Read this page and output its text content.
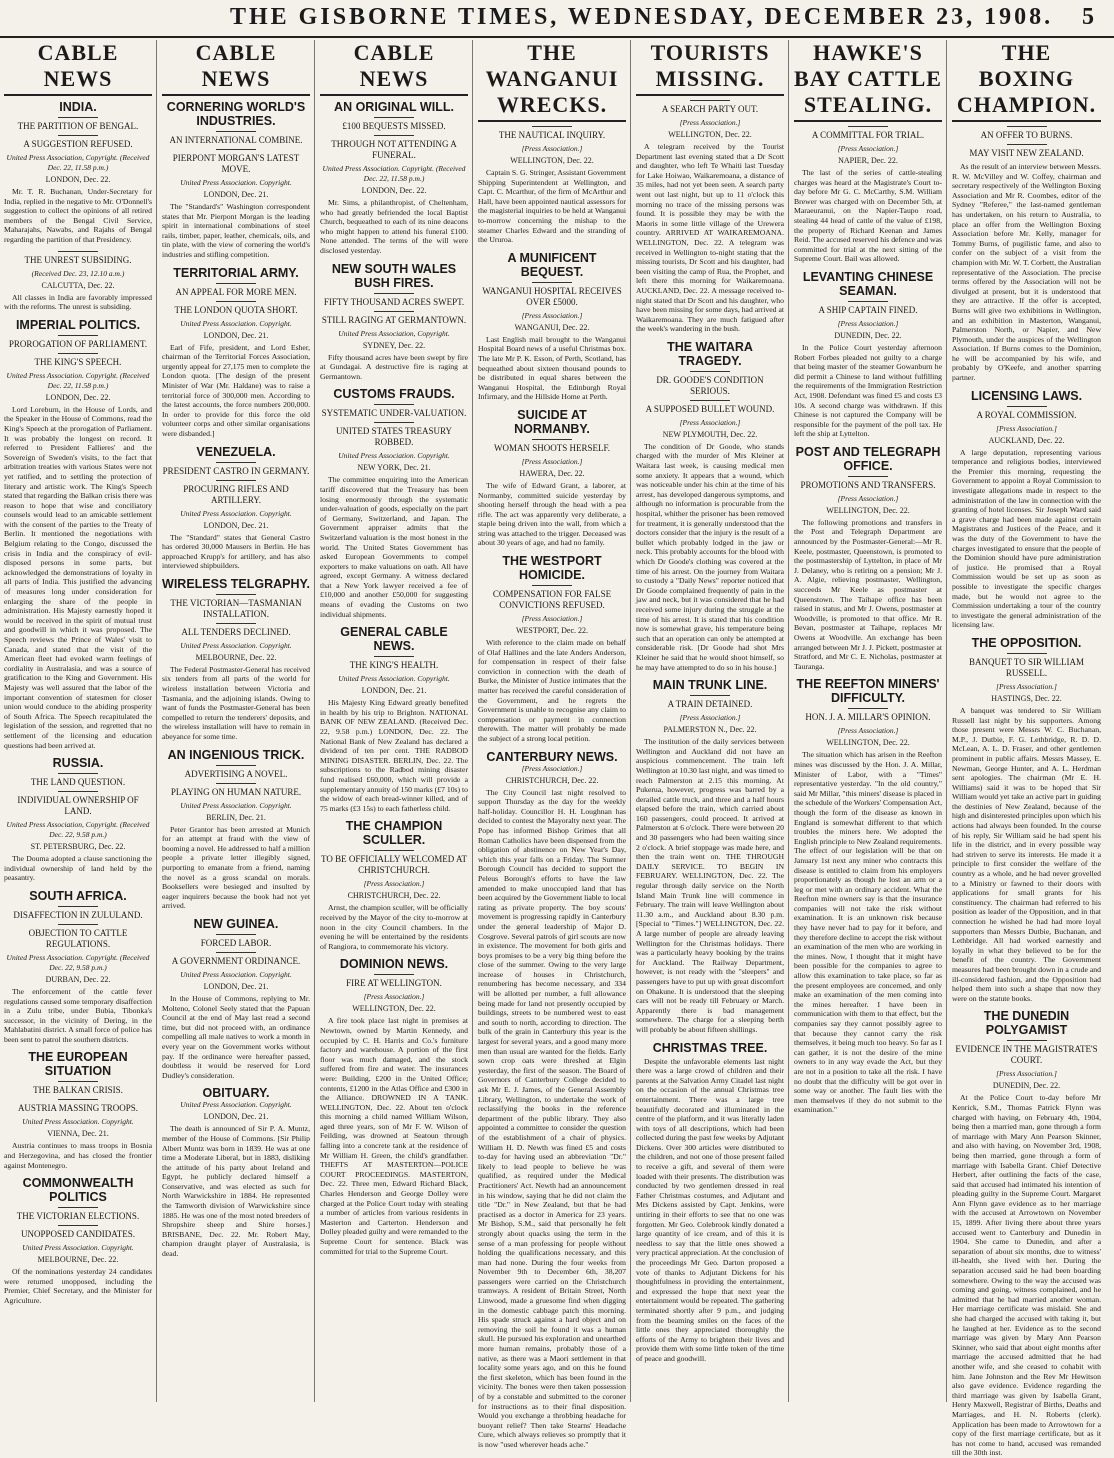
THE GISBORNE TIMES, WEDNESDAY, DECEMBER 23, 1908. 5
CABLE NEWS
INDIA.
THE PARTITION OF BENGAL.
A SUGGESTION REFUSED.
United Press Association, Copyright. (Received Dec. 22, 11.58 p.m.)
LONDON, Dec. 22.
Mr. T. R. Buchanan, Under-Secretary for India, replied in the negative to Mr. O'Donnell's suggestion to collect the opinions of all retired members of the Bengal Civil Service, Maharajahs, Nawabs, and Rajahs of Bengal regarding the partition of that Presidency.
THE UNREST SUBSIDING.
(Received Dec. 23, 12.10 a.m.)
CALCUTTA, Dec. 22.
All classes in India are favorably impressed with the reforms. The unrest is subsiding.
IMPERIAL POLITICS.
PROROGATION OF PARLIAMENT.
THE KING'S SPEECH.
United Press Association. Copyright. (Received Dec. 22, 11.58 p.m.)
LONDON, Dec. 22.
Lord Loreburn, in the House of Lords, and the Speaker in the House of Commons, read the King's Speech at the prorogation of Parliament. It was probably the longest on record. It referred to President Fallieres' and the Sovereign of Sweden's visits, to the fact that arbitration treaties with various States were not yet ratified, and to settling the protection of literary and artistic work. The King's Speech stated that regarding the Balkan crisis there was reason to hope that wise and conciliatory counsels would lead to an amicable settlement with the consent of the parties to the Treaty of Berlin. It mentioned the negotiations with Belgium relating to the Congo, discussed the crisis in India and the conspiracy of evil-disposed persons in some parts, but acknowledged the demonstrations of loyalty in all parts of India. This justified the advancing of measures long under consideration for enlarging the share of the people in administration. His Majesty earnestly hoped it would be received in the spirit of mutual trust and goodwill in which it was proposed. The Speech reviews the Prince of Wales' visit to Canada, and stated that the visit of the American fleet had evoked warm feelings of cordiality in Australasia, and was a source of gratification to the King and Government. His Majesty was well assured that the labor of the important convention of statesmen for closer union would conduce to the abiding prosperity of South Africa. The Speech recapitulated the legislation of the session, and regretted that no settlement of the licensing and education questions had been arrived at.
RUSSIA.
THE LAND QUESTION.
INDIVIDUAL OWNERSHIP OF LAND.
United Press Association, Copyright. (Received Dec. 22, 9.58 p.m.)
ST. PETERSBURG, Dec. 22.
The Douma adopted a clause sanctioning the individual ownership of land held by the peasantry.
SOUTH AFRICA.
DISAFFECTION IN ZULULAND.
OBJECTION TO CATTLE REGULATIONS.
United Press Association. Copyright. (Received Dec. 22, 9.58 p.m.)
DURBAN, Dec. 22.
The enforcement of the cattle fever regulations caused some temporary disaffection in a Zulu tribe, under Bubia, Tibonka's successor, in the vicinity of Dering, in the Mahlabatini district. A small force of police has been sent to patrol the southern districts.
THE EUROPEAN SITUATION
THE BALKAN CRISIS.
AUSTRIA MASSING TROOPS.
United Press Association. Copyright.
VIENNA, Dec. 21.
Austria continues to mass troops in Bosnia and Herzegovina, and has closed the frontier against Montenegro.
COMMONWEALTH POLITICS
THE VICTORIAN ELECTIONS.
UNOPPOSED CANDIDATES.
United Press Association. Copyright.
MELBOURNE, Dec. 22.
Of the nominations yesterday 24 candidates were returned unopposed, including the Premier, Chief Secretary, and the Minister for Agriculture.
CABLE NEWS
CORNERING WORLD'S INDUSTRIES.
AN INTERNATIONAL COMBINE.
PIERPONT MORGAN'S LATEST MOVE.
United Press Association. Copyright.
LONDON, Dec. 21.
The "Standard's" Washington correspondent states that Mr. Pierpont Morgan is the leading spirit in international combinations of steel rails, timber, paper, leather, chemicals, oils, and tin plate, with the view of cornering the world's industries and stifling competition.
TERRITORIAL ARMY.
AN APPEAL FOR MORE MEN.
THE LONDON QUOTA SHORT.
United Press Association. Copyright.
LONDON, Dec. 21.
Earl of Fife, president, and Lord Esher, chairman of the Territorial Forces Association, urgently appeal for 27,175 men to complete the London quota. [The design of the present Minister of War (Mr. Haldane) was to raise a territorial force of 300,000 men. According to the latest accounts, the force numbers 200,000. In order to provide for this force the old volunteer corps and other similar organisations were disbanded.]
VENEZUELA.
PRESIDENT CASTRO IN GERMANY.
PROCURING RIFLES AND ARTILLERY.
United Press Association. Copyright.
LONDON, Dec. 21.
The "Standard" states that General Castro has ordered 30,000 Mausers in Berlin. He has approached Krupp's for artillery, and has also interviewed shipbuilders.
WIRELESS TELGRAPHY.
THE VICTORIAN—TASMANIAN INSTALLATION.
ALL TENDERS DECLINED.
United Press Association. Copyright.
MELBOURNE, Dec. 22.
The Federal Postmaster-General has received six tenders from all parts of the world for wireless installation between Victoria and Tasmania, and the adjoining islands. Owing to want of funds the Postmaster-General has been compelled to return the tenderers' deposits, and the wireless installation will have to remain in abeyance for some time.
AN INGENIOUS TRICK.
ADVERTISING A NOVEL.
PLAYING ON HUMAN NATURE.
United Press Association. Copyright.
BERLIN, Dec. 21.
Peter Grantor has been arrested at Munich for an attempt at fraud with the view of booming a novel. He addressed to half a million people a private letter illegibly signed, purporting to emanate from a friend, naming the novel as a gross scandal on morals. Booksellers were besieged and insulted by eager inquirers because the book had not yet arrived.
NEW GUINEA.
FORCED LABOR.
A GOVERNMENT ORDINANCE.
United Press Association. Copyright.
LONDON, Dec. 21.
In the House of Commons, replying to Mr. Molteno, Colonel Seely stated that the Papuan Council at the end of May last read a second time, but did not proceed with, an ordinance compelling all male natives to work a month in every year on the Government works without pay. If the ordinance were hereafter passed, doubtless it would be reserved for Lord Dudley's consideration.
OBITUARY.
United Press Association. Copyright.
LONDON, Dec. 21.
The death is announced of Sir P. A. Muntz, member of the House of Commons. [Sir Philip Albert Muntz was born in 1839. He was at one time a Moderate Liberal, but in 1883, disliking the attitude of his party about Ireland and Egypt, he publicly declared himself a Conservative, and was elected as such for North Warwickshire in 1884. He represented the Tamworth division of Warwickshire since 1885. He was one of the most noted breeders of Shropshire sheep and Shire horses.] BRISBANE, Dec. 22. Mr. Robert May, champion draught player of Australasia, is dead.
CABLE NEWS
AN ORIGINAL WILL.
£100 BEQUESTS MISSED.
THROUGH NOT ATTENDING A FUNERAL.
United Press Association. Copyright. (Received Dec. 22, 11.58 p.m.)
LONDON, Dec. 22.
Mr. Sims, a philanthropist, of Cheltenham, who had greatly befriended the local Baptist Church, bequeathed to each of its nine deacons who might happen to attend his funeral £100. None attended. The terms of the will were disclosed yesterday.
NEW SOUTH WALES BUSH FIRES.
FIFTY THOUSAND ACRES SWEPT.
STILL RAGING AT GERMANTOWN.
United Press Association, Copyright.
SYDNEY, Dec. 22.
Fifty thousand acres have been swept by fire at Gundagai. A destructive fire is raging at Germantown.
CUSTOMS FRAUDS.
SYSTEMATIC UNDER-VALUATION.
UNITED STATES TREASURY ROBBED.
United Press Association. Copyright.
NEW YORK, Dec. 21.
The committee enquiring into the American tariff discovered that the Treasury has been losing enormously through the systematic under-valuation of goods, especially on the part of Germany, Switzerland, and Japan. The Government appraiser admits that the Switzerland valuation is the most honest in the world. The United States Government has asked European Governments to compel exporters to make valuations on oath. All have agreed, except Germany. A witness declared that a New York lawyer received a fee of £10,000 and another £50,000 for suggesting means of evading the Customs on two individual shipments.
GENERAL CABLE NEWS.
THE KING'S HEALTH.
United Press Association. Copyright.
LONDON, Dec. 21.
His Majesty King Edward greatly benefited in health by his trip to Brighton. NATIONAL BANK OF NEW ZEALAND. (Received Dec. 22, 9.58 p.m.) LONDON, Dec. 22. The National Bank of New Zealand has declared a dividend of ten per cent. THE RADBOD MINING DISASTER. BERLIN, Dec. 22. The subscriptions to the Radbod mining disaster fund realised £60,000, which will provide a supplementary annuity of 150 marks (£7 10s) to the widow of each bread-winner killed, and of 75 marks (£3 15s) to each fatherless child.
THE CHAMPION SCULLER.
TO BE OFFICIALLY WELCOMED AT CHRISTCHURCH.
[Press Association.]
CHRISTCHURCH, Dec. 22.
Arnst, the champion sculler, will be officially received by the Mayor of the city to-morrow at noon in the city Council chambers. In the evening he will be entertained by the residents of Rangiora, to commemorate his victory.
DOMINION NEWS.
FIRE AT WELLINGTON.
[Press Association.]
WELLINGTON, Dec. 22.
A fire took place last night in premises at Newtown, owned by Martin Kennedy, and occupied by C. H. Harris and Co.'s furniture factory and warehouse. A portion of the first floor was much damaged, and the stock suffered from fire and water. The insurances were: Building, £200 in the United Office; contents, £1200 in the Atlas Office and £300 in the Alliance. DROWNED IN A TANK. WELLINGTON, Dec. 22. About ten o'clock this morning a child named William Wilson, aged three years, son of Mr F. W. Wilson of Feilding, was drowned at Seatoun through falling into a concrete tank at the residence of Mr William H. Green, the child's grandfather. THEFTS AT MASTERTON—POLICE COURT PROCEEDINGS. MASTERTON, Dec. 22. Three men, Edward Richard Black, Charles Henderson and George Dolley were charged at the Police Court today with stealing a number of articles from various residents in Masterton and Carterton. Henderson and Dolley pleaded guilty and were remanded to the Supreme Court for sentence. Black was committed for trial to the Supreme Court.
THE WANGANUI WRECKS.
THE NAUTICAL INQUIRY.
[Press Association.]
WELLINGTON, Dec. 22.
Captain S. G. Stringer, Assistant Government Shipping Superintendent at Wellington, and Capt. C. Mcarthur, of the firm of McArthur and Hall, have been appointed nautical assessors for the magisterial inquiries to be held at Wanganui to-morrow concerning the mishap to the steamer Charles Edward and the stranding of the Ururoa.
A MUNIFICENT BEQUEST.
WANGANUI HOSPITAL RECEIVES OVER £5000.
[Press Association.]
WANGANUI, Dec. 22.
Last English mail brought to the Wanganui Hospital Board news of a useful Christmas box. The late Mr P. K. Esson, of Perth, Scotland, has bequeathed about sixteen thousand pounds to be distributed in equal shares between the Wanganui Hospital, the Edinburgh Royal Infirmary, and the Hillside Home at Perth.
SUICIDE AT NORMANBY.
WOMAN SHOOTS HERSELF.
[Press Association.]
HAWERA, Dec. 22.
The wife of Edward Grant, a laborer, at Normanby, committed suicide yesterday by shooting herself through the head with a pea rifle. The act was apparently very deliberate, a staple being driven into the wall, from which a string was attached to the trigger. Deceased was about 30 years of age, and had no family.
THE WESTPORT HOMICIDE.
COMPENSATION FOR FALSE CONVICTIONS REFUSED.
[Press Association.]
WESTPORT, Dec. 22.
With reference to the claim made on behalf of Olaf Hallines and the late Anders Anderson, for compensation in respect of their false conviction in connection with the death of Burke, the Minister of Justice intimates that the matter has received the careful consideration of the Government, and he regrets the Government is unable to recognise any claim to compensation or payment in connection therewith. The matter will probably be made the subject of a strong local petition.
CANTERBURY NEWS.
[Press Association.]
CHRISTCHURCH, Dec. 22.
The City Council last night resolved to support Thursday as the day for the weekly half-holiday. Councillor H. H. Loughnan has decided to contest the Mayoralty next year. The Pope has informed Bishop Grimes that all Roman Catholics have been dispensed from the obligation of abstinence on New Year's Day, which this year falls on a Friday. The Sumner Borough Council has decided to support the Peleus Borough's efforts to have the law amended to make unoccupied land that has been acquired by the Government liable to local rating as private property. The boy scouts' movement is progressing rapidly in Canterbury under the general leadership of Major D. Cosgrove. Several patrols of girl scouts are now in existence. The movement for both girls and boys promises to be a very big thing before the close of the summer. Owing to the very large increase of houses in Christchurch, renumbering has become necessary, and 334 will be allotted per number, a full allowance being made for land not presently occupied by buildings, streets to be numbered west to east and south to north, according to direction. The bulk of the grain in Canterbury this year is the largest for several years, and a good many more men than usual are wanted for the fields. Early sown crop oats were threshed at Elgin yesterday, the first of the season. The Board of Governors of Canterbury College decided to ask Mr E. J. James, of the General Assembly Library, Wellington, to undertake the work of reclassifying the books in the reference department of the public library. They also appointed a committee to consider the question of the establishment of a chair of physics. William H. D. Newth was fined £5 and costs to-day for having used an abbreviation "Dr." likely to lead people to believe he was qualified, as required under the Medical Practitioners' Act. Newth had an announcement in his window, saying that he did not claim the title "Dr." in New Zealand, but that he had practised as a doctor in America for 23 years. Mr Bishop, S.M., said that personally he felt strongly about quacks using the term in the sense of a man professing for people without holding the qualifications necessary, and this man had none. During the four weeks from November 9th to December 6th, 38,207 passengers were carried on the Christchurch tramways. A resident of Britain Street, North Linwood, made a gruesome find when digging in the domestic cabbage patch this morning. His spade struck against a hard object and on removing the soil he found it was a human skull. He pursued his exploration and unearthed more human remains, probably those of a native, as there was a Maori settlement in that locality some years ago, and on this he found the first skeleton, which has been found in the vicinity. The bones were then taken possession of by a constable and submitted to the coroner for instructions as to their final disposition. Would you exchange a throbbing headache for buoyant relief? Then take Stearns' Headache Cure, which always relieves so promptly that it is now "used wherever heads ache."
TOURISTS MISSING.
A SEARCH PARTY OUT.
[Press Association.]
WELLINGTON, Dec. 22.
A telegram received by the Tourist Department last evening stated that a Dr Scott and daughter, who left Te Whaiti last Tuesday for Lake Hoiwao, Waikaremoana, a distance of 35 miles, had not yet been seen. A search party went out last night, but up to 11 o'clock this morning no trace of the missing persons was found. It is possible they may be with the Maoris in some little village of the Urewera country. ARRIVED AT WAIKAREMOANA. WELLINGTON, Dec. 22. A telegram was received in Wellington to-night stating that the missing tourists, Dr Scott and his daughter, had been visiting the camp of Rua, the Prophet, and left there this morning for Waikaremoana. AUCKLAND, Dec. 22. A message received to-night stated that Dr Scott and his daughter, who have been missing for some days, had arrived at Waikaremoana. They are much fatigued after the week's wandering in the bush.
THE WAITARA TRAGEDY.
DR. GOODE'S CONDITION SERIOUS.
A SUPPOSED BULLET WOUND.
[Press Association.]
NEW PLYMOUTH, Dec. 22.
The condition of Dr Goode, who stands charged with the murder of Mrs Kleiner at Waitara last week, is causing medical men some anxiety. It appears that a wound, which was noticeable under his chin at the time of his arrest, has developed dangerous symptoms, and although no information is procurable from the hospital, whither the prisoner has been removed for treatment, it is generally understood that the doctors consider that the injury is the result of a bullet which probably lodged in the jaw or neck. This probably accounts for the blood with which Dr Goode's clothing was covered at the time of his arrest. On the journey from Waitara to custody a "Daily News" reporter noticed that Dr Goode complained frequently of pain in the jaw and neck, but it was considered that he had received some injury during the struggle at the time of his arrest. It is stated that his condition now is somewhat grave, his temperature being such that an operation can only be attempted at considerable risk. [Dr Goode had shot Mrs Kleiner he said that he would shoot himself, so he may have attempted to do so in his house.]
MAIN TRUNK LINE.
A TRAIN DETAINED.
[Press Association.]
PALMERSTON N., Dec. 22.
The institution of the daily services between Wellington and Auckland did not have an auspicious commencement. The train left Wellington at 10.30 last night, and was timed to reach Palmerston at 2.15 this morning. At Pukerua, however, progress was barred by a derailed cattle truck, and three and a half hours elapsed before the train, which carried about 160 passengers, could proceed. It arrived at Palmerston at 6 o'clock. There were between 20 and 30 passengers who had been waiting since 2 o'clock. A brief stoppage was made here, and then the train went on. THE THROUGH DAILY SERVICE. TO BEGIN IN FEBRUARY. WELLINGTON, Dec. 22. The regular through daily service on the North Island Main Trunk line will commence in February. The train will leave Wellington about 11.30 a.m., and Auckland about 8.30 p.m. [Special to "Times."] WELLINGTON, Dec. 22. A large number of people are already leaving Wellington for the Christmas holidays. There was a particularly heavy booking by the trains for Auckland. The Railway Department, however, is not ready with the "sleepers" and passengers have to put up with great discomfort on Ohakune. It is understood that the sleeping cars will not be ready till February or March. Apparently there is bad management somewhere. The charge for a sleeping berth will probably be about fifteen shillings.
CHRISTMAS TREE.
Despite the unfavorable elements last night there was a large crowd of children and their parents at the Salvation Army Citadel last night on the occasion of the annual Christmas tree entertainment. There was a large tree beautifully decorated and illuminated in the centre of the platform, and it was literally laden with toys of all descriptions, which had been collected during the past few weeks by Adjutant Dickens. Over 300 articles were distributed to the children, and not one of those present failed to receive a gift, and several of them were loaded with their presents. The distribution was conducted by two gentlemen dressed in real Father Christmas costumes, and Adjutant and Mrs Dickens assisted by Capt. Jenkins, were untiring in their efforts to see that no one was forgotten. Mr Geo. Colebrook kindly donated a large quantity of ice cream, and of this it is needless to say that the little ones showed a very practical appreciation. At the conclusion of the proceedings Mr Geo. Darton proposed a vote of thanks to Adjutant Dickens for his thoughtfulness in providing the entertainment, and expressed the hope that next year the entertainment would be repeated. The gathering terminated shortly after 9 p.m., and judging from the beaming smiles on the faces of the little ones they appreciated thoroughly the efforts of the Army to brighten their lives and provide them with some little token of the time of peace and goodwill.
HAWKE'S BAY CATTLE STEALING.
A COMMITTAL FOR TRIAL.
[Press Association.]
NAPIER, Dec. 22.
The last of the series of cattle-stealing charges was heard at the Magistrate's Court to-day before Mr G. C. McCarthy, S.M. William Brewer was charged with on December 5th, at Maraeuranui, on the Napier-Taupo road, stealing 44 head of cattle of the value of £198, the property of Richard Keenan and James Reid. The accused reserved his defence and was committed for trial at the next sitting of the Supreme Court. Bail was allowed.
LEVANTING CHINESE SEAMAN.
A SHIP CAPTAIN FINED.
[Press Association.]
DUNEDIN, Dec. 22.
In the Police Court yesterday afternoon Robert Forbes pleaded not guilty to a charge that being master of the steamer Gowanburn he did permit a Chinese to land without fulfilling the requirements of the Immigration Restriction Act, 1908. Defendant was fined £5 and costs £3 10s. A second charge was withdrawn. If this Chinese is not captured the Company will be responsible for the payment of the poll tax. He left the ship at Lyttelton.
POST AND TELEGRAPH OFFICE.
PROMOTIONS AND TRANSFERS.
[Press Association.]
WELLINGTON, Dec. 22.
The following promotions and transfers in the Post and Telegraph Department are announced by the Postmaster-General:—Mr R. Keele, postmaster, Queenstown, is promoted to the postmastership of Lyttelton, in place of Mr J. Delaney, who is retiring on a pension; Mr J. A. Algie, relieving postmaster, Wellington, succeeds Mr Keele as postmaster at Queenstown. The Taihape office has been raised in status, and Mr J. Owens, postmaster at Woodville, is promoted to that office. Mr R. Bevan, postmaster at Taihape, replaces Mr Owens at Woodville. An exchange has been arranged between Mr J. J. Pickett, postmaster at Stratford, and Mr C. E. Nicholas, postmaster at Tauranga.
THE REEFTON MINERS' DIFFICULTY.
HON. J. A. MILLAR'S OPINION.
[Press Association.]
WELLINGTON, Dec. 22.
The situation which has arisen in the Reefton mines was discussed by the Hon. J. A. Millar, Minister of Labor, with a "Times" representative yesterday. "In the old country," said Mr Millar, "this miners' disease is placed in the schedule of the Workers' Compensation Act, though the form of the disease as known in England is somewhat different to that which troubles the miners here. We adopted the English principle to New Zealand requirements. The effect of our legislation will be that on January 1st next any miner who contracts this disease is entitled to claim from his employers proportionately as though he lost an arm or a leg or met with an ordinary accident. What the Reefton mine owners say is that the insurance companies will not take the risk without examination. It is an unknown risk because they have never had to pay for it before, and they therefore decline to accept the risk without an examination of the men who are working in the mines. Now, I thought that it might have been possible for the companies to agree to allow this examination to take place, so far as the present employees are concerned, and only make an examination of the men coming into the mines hereafter. I have been in communication with them to that effect, but the companies say they cannot possibly agree to that because they cannot carry the risk themselves, it being much too heavy. So far as I can gather, it is not the desire of the mine owners to in any way evade the Act, but they are not in a position to take all the risk. I have no doubt that the difficulty will be got over in some way or another. The fault lies with the men themselves if they do not submit to the examination."
THE BOXING CHAMPION.
AN OFFER TO BURNS.
MAY VISIT NEW ZEALAND.
As the result of an interview between Messrs. R. W. McVilley and W. Coffey, chairman and secretary respectively of the Wellington Boxing Association and Mr R. Coombes, editor of the Sydney "Referee," the last-named gentleman has undertaken, on his return to Australia, to place an offer from the Wellington Boxing Association before Mr. Kelly, manager for Tommy Burns, of pugilistic fame, and also to confer on the subject of a visit from the champion with Mr. W. T. Corbett, the Australian representative of the Association. The precise terms offered by the Association will not be divulged at present, but it is understood that they are attractive. If the offer is accepted, Burns will give two exhibitions in Wellington, and an exhibition in Masterton, Wanganui, Palmerston North, or Napier, and New Plymouth, under the auspices of the Wellington Association. If Burns comes to the Dominion, he will be accompanied by his wife, and probably by O'Keefe, and another sparring partner.
LICENSING LAWS.
A ROYAL COMMISSION.
[Press Association.]
AUCKLAND, Dec. 22.
A large deputation, representing various temperance and religious bodies, interviewed the Premier this morning, requesting the Government to appoint a Royal Commission to investigate allegations made in respect to the administration of the law in connection with the granting of hotel licenses. Sir Joseph Ward said a grave charge had been made against certain Magistrates and Justices of the Peace, and it was the duty of the Government to have the charges investigated to ensure that the people of the Dominion should have pure administration of justice. He promised that a Royal Commission would be set up as soon as possible to investigate the specific charges made, but he would not agree to the Commission undertaking a tour of the country to investigate the general administration of the licensing law.
THE OPPOSITION.
BANQUET TO SIR WILLIAM RUSSELL.
[Press Association.]
HASTINGS, Dec. 22.
A banquet was tendered to Sir William Russell last night by his supporters. Among those present were Messrs W. C. Buchanan, M.P., J. Dutbie, F. G. Lethbridge, R. D. D. McLean, A. L. D. Fraser, and other gentlemen prominent in public affairs. Messrs Massey, E. Newman, George Hunter, and A. L. Herdman sent apologies. The chairman (Mr E. H. Williams) said it was to be hoped that Sir William would yet take an active part in guiding the destinies of New Zealand, because of the high and disinterested principles upon which his actions had always been founded. In the course of his reply, Sir William said he had spent his life in the district, and in every possible way had striven to serve its interests. He made it a principle to first consider the welfare of the country as a whole, and he had never grovelled to a Ministry or fawned to their doors with applications for small grants for his constituency. The chairman had referred to his position as leader of the Opposition, and in that connection he wished he had had more loyal supporters than Messrs Dutbie, Buchanan, and Lethbridge. All had worked earnestly and loyally in what they believed to be for the benefit of the country. The Government measures had been brought down in a crude and ill-considered fashion, and the Opposition had helped them into such a shape that now they were on the statute books.
THE DUNEDIN POLYGAMIST
EVIDENCE IN THE MAGISTRATE'S COURT.
[Press Association.]
DUNEDIN, Dec. 22.
At the Police Court to-day before Mr Kenrick, S.M., Thomas Patrick Flynn was charged with having, on February 4th, 1904, being then a married man, gone through a form of marriage with Mary Ann Pearson Skinner, and also with having, on November 3rd, 1908, being then married, gone through a form of marriage with Isabella Grant. Chief Detective Herbert, after outlining the facts of the case, said that accused had intimated his intention of pleading guilty in the Supreme Court. Margaret Ann Flynn gave evidence as to her marriage with the accused at Arrowtown on November 15, 1899. After living there about three years accused went to Canterbury and Dunedin in 1904. She came to Dunedin, and after a separation of about six months, due to witness' ill-health, she lived with her. During the separation accused said he had been boarding somewhere. Owing to the way the accused was coming and going, witness complained, and he admitted that he had married another woman. Her marriage certificate was mislaid. She and she had charged the accused with taking it, but he laughed at her. Evidence as to the second marriage was given by Mary Ann Pearson Skinner, who said that about eight months after marriage the accused admitted that he had another wife, and she ceased to cohabit with him. Jane Johnston and the Rev Mr Hewitson also gave evidence. Evidence regarding the third marriage was given by Isabella Grant, Henry Maxwell, Registrar of Births, Deaths and Marriages, and H. N. Roberts (clerk). Application has been made to Arrowtown for a copy of the first marriage certificate, but as it has not come to hand, accused was remanded till the 30th inst.
